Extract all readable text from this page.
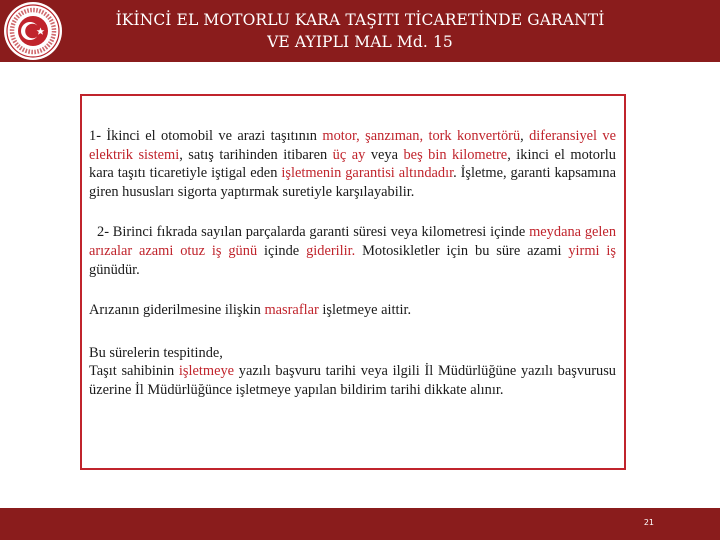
İKİNCİ EL MOTORLU KARA TAŞITI TİCARETİNDE GARANTİ
VE AYIPLI MAL Md. 15

1- İkinci el otomobil ve arazi taşıtının motor, şanzıman, tork konvertörü, diferansiyel ve elektrik sistemi, satış tarihinden itibaren üç ay veya beş bin kilometre, ikinci el motorlu kara taşıtı ticaretiyle iştigal eden işletmenin garantisi altındadır. İşletme, garanti kapsamına giren hususları sigorta yaptırmak suretiyle karşılayabilir.

2- Birinci fıkrada sayılan parçalarda garanti süresi veya kilometresi içinde meydana gelen arızalar azami otuz iş günü içinde giderilir. Motosikletler için bu süre azami yirmi iş günüdür.

Arızanın giderilmesine ilişkin masraflar işletmeye aittir.

Bu sürelerin tespitinde,
Taşıt sahibinin işletmeye yazılı başvuru tarihi veya ilgili İl Müdürlüğüne yazılı başvurusu üzerine İl Müdürlüğünce işletmeye yapılan bildirim tarihi dikkate alınır.

21
